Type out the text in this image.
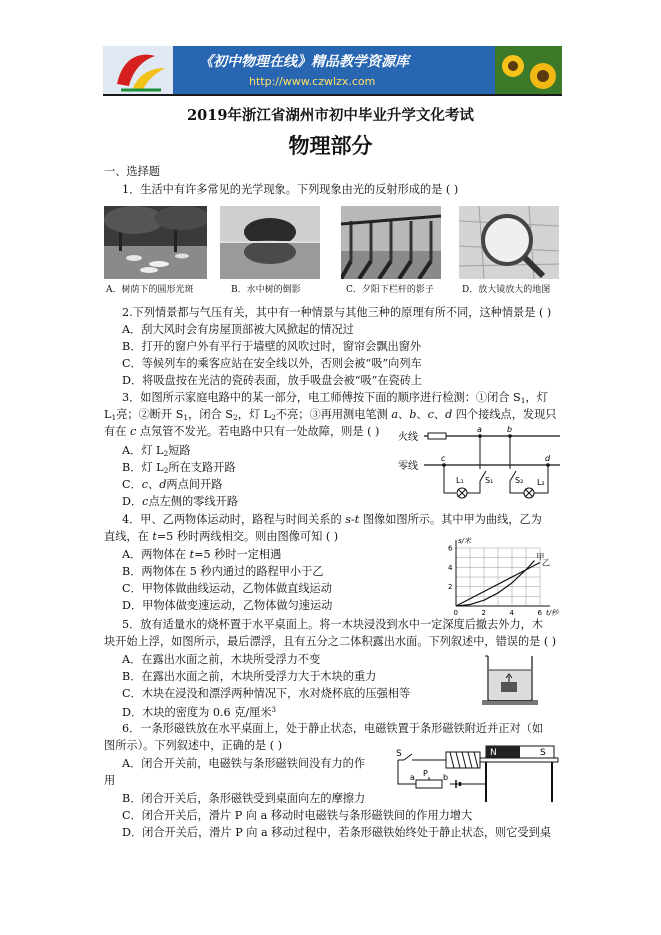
《初中物理在线》精品教学资源库
http://www.czwlzx.com
2019年浙江省湖州市初中毕业升学文化考试
物理部分
一、选择题
1．生活中有许多常见的光学现象。下列现象由光的反射形成的是 ( )
A．树荫下的圆形光斑	B．水中树的倒影	C．夕阳下栏杆的影子	D．放大镜放大的地图
2.下列情景都与气压有关，其中有一种情景与其他三种的原理有所不同，这种情景是 ( )
A．刮大风时会有房屋顶部被大风掀起的情况过
B．打开的窗户外有平行于墙壁的风吹过时，窗帘会飘出窗外
C．等候列车的乘客应站在安全线以外，否则会被“吸”向列车
D．将吸盘按在光洁的瓷砖表面，放手吸盘会被“吸”在瓷砖上
3．如图所示家庭电路中的某一部分，电工师傅按下面的顺序进行检测：①闭合 $S_1$，灯
$L_1$亮；②断开 $S_1$，闭合 $S_2$，灯 $L_2$不亮；③再用测电笔测 a、b、c、d 四个接线点，发现只
有在 c 点氖管不发光。若电路中只有一处故障，则是 ( )
A．灯 $L_2$短路
B．灯 $L_2$所在支路开路
C．c、d两点间开路
D．c点左侧的零线开路
火线
零线
a	b
c	d
L₁	S₁	S₂ L₂
4．甲、乙两物体运动时，路程与时间关系的 s-t 图像如图所示。其中甲为曲线，乙为
直线，在 t=5 秒时两线相交。则由图像可知 ( )
A．两物体在 t=5 秒时一定相遇
B．两物体在 5 秒内通过的路程甲小于乙
C．甲物体做曲线运动，乙物体做直线运动
D．甲物体做变速运动，乙物体做匀速运动
0	2	4	6
2
4
6
s/米
t/秒
甲
乙
5．放有适量水的烧杯置于水平桌面上。将一木块浸没到水中一定深度后撤去外力，木
块开始上浮，如图所示，最后漂浮，且有五分之二体积露出水面。下列叙述中，错误的是 ( )
A．在露出水面之前，木块所受浮力不变
B．在露出水面之前，木块所受浮力大于木块的重力
C．木块在浸没和漂浮两种情况下，水对烧杯底的压强相等
D．木块的密度为 0.6 克/厘米$^3$
6．一条形磁铁放在水平桌面上，处于静止状态，电磁铁置于条形磁铁附近并正对（如
图所示）。下列叙述中，正确的是 ( )
A．闭合开关前，电磁铁与条形磁铁间没有力的作
用
B．闭合开关后，条形磁铁受到桌面向左的摩擦力
C．闭合开关后，滑片 P 向 a 移动时电磁铁与条形磁铁间的作用力增大
D．闭合开关后，滑片 P 向 a 移动过程中，若条形磁铁始终处于静止状态，则它受到桌
S
a	b
P
N	S
